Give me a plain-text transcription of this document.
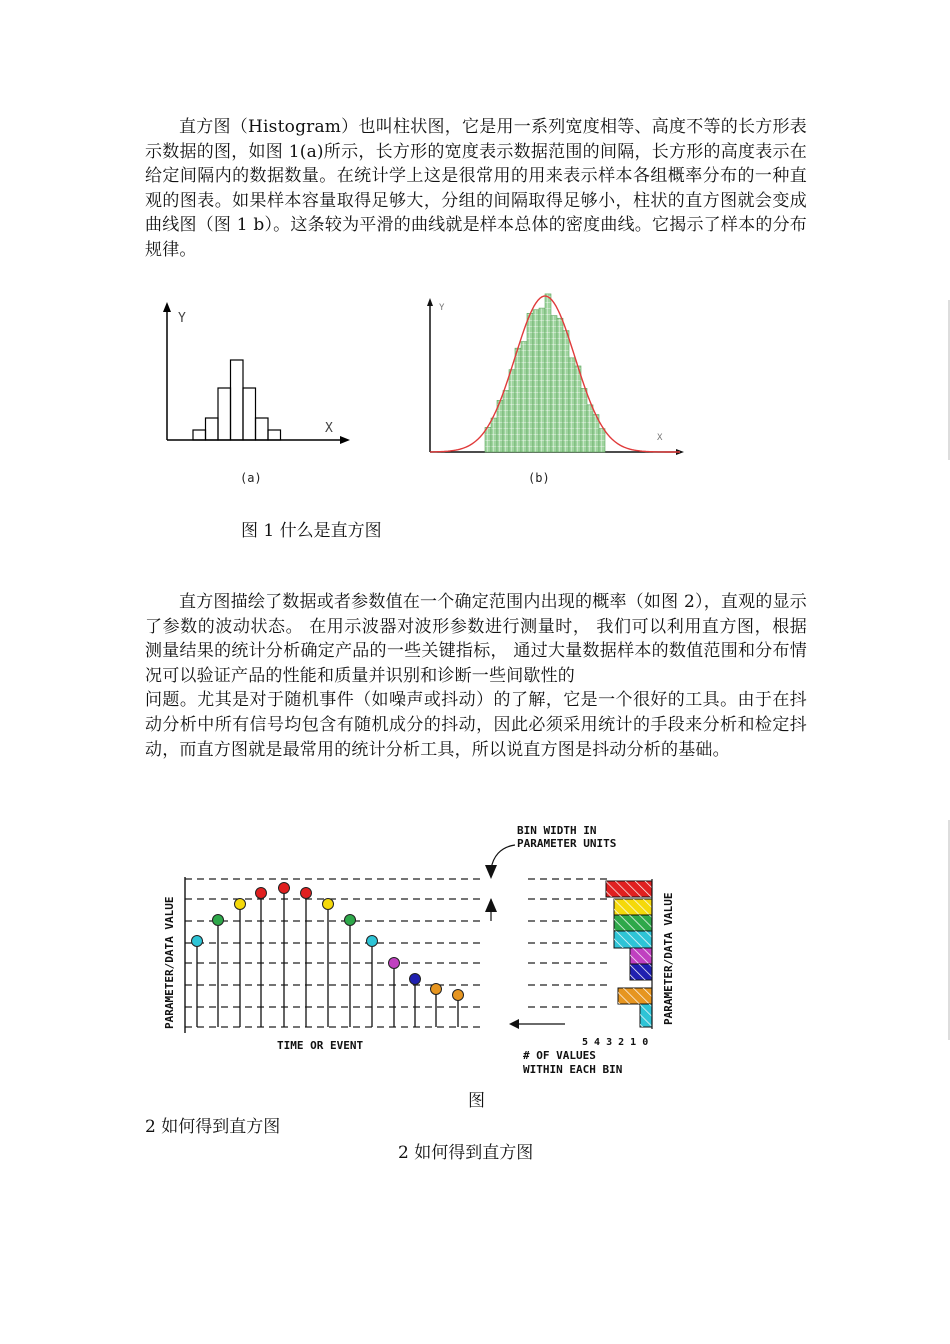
直方图（Histogram）也叫柱状图，它是用一系列宽度相等、高度不等的长方形表示数据的图，如图 1(a)所示，长方形的宽度表示数据范围的间隔，长方形的高度表示在给定间隔内的数据数量。在统计学上这是很常用的用来表示样本各组概率分布的一种直观的图表。如果样本容量取得足够大，分组的间隔取得足够小，柱状的直方图就会变成曲线图（图 1 b）。这条较为平滑的曲线就是样本总体的密度曲线。它揭示了样本的分布规律。

Y
X
(a)
Y
X
(b)

图 1 什么是直方图

直方图描绘了数据或者参数值在一个确定范围内出现的概率（如图 2），直观的显示了参数的波动状态。 在用示波器对波形参数进行测量时， 我们可以利用直方图，根据测量结果的统计分析确定产品的一些关键指标， 通过大量数据样本的数值范围和分布情况可以验证产品的性能和质量并识别和诊断一些间歇性的
问题。尤其是对于随机事件（如噪声或抖动）的了解，它是一个很好的工具。由于在抖动分析中所有信号均包含有随机成分的抖动，因此必须采用统计的手段来分析和检定抖动，而直方图就是最常用的统计分析工具，所以说直方图是抖动分析的基础。

PARAMETER/DATA VALUE	PARAMETER/DATA VALUE
BIN WIDTH IN
PARAMETER UNITS
TIME OR EVENT	5 4 3 2 1 0
# OF VALUES
WITHIN EACH BIN

图

2 如何得到直方图

2 如何得到直方图
